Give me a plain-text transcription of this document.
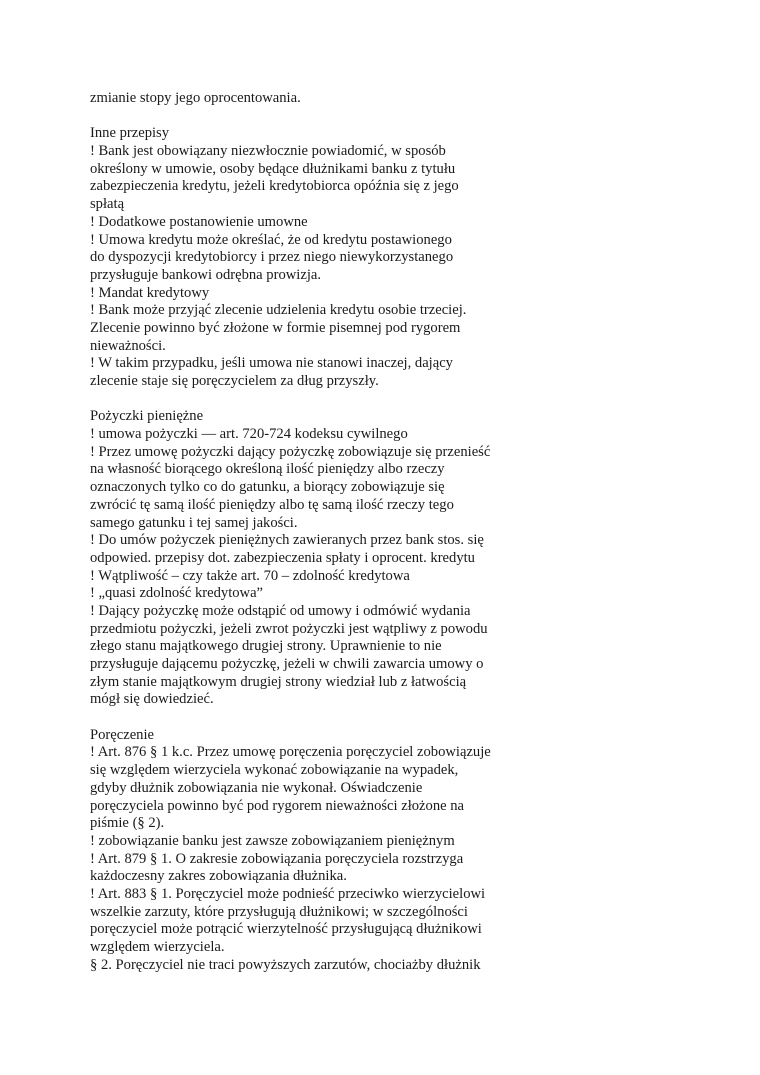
zmianie stopy jego oprocentowania.
Inne przepisy
! Bank jest obowiązany niezwłocznie powiadomić, w sposób
określony w umowie, osoby będące dłużnikami banku z tytułu
zabezpieczenia kredytu, jeżeli kredytobiorca opóźnia się z jego
spłatą
! Dodatkowe postanowienie umowne
! Umowa kredytu może określać, że od kredytu postawionego
do dyspozycji kredytobiorcy i przez niego niewykorzystanego
przysługuje bankowi odrębna prowizja.
! Mandat kredytowy
! Bank może przyjąć zlecenie udzielenia kredytu osobie trzeciej.
Zlecenie powinno być złożone w formie pisemnej pod rygorem
nieważności.
! W takim przypadku, jeśli umowa nie stanowi inaczej, dający
zlecenie staje się poręczycielem za dług przyszły.
Pożyczki pieniężne
! umowa pożyczki — art. 720-724 kodeksu cywilnego
! Przez umowę pożyczki dający pożyczkę zobowiązuje się przenieść
na własność biorącego określoną ilość pieniędzy albo rzeczy
oznaczonych tylko co do gatunku, a biorący zobowiązuje się
zwrócić tę samą ilość pieniędzy albo tę samą ilość rzeczy tego
samego gatunku i tej samej jakości.
! Do umów pożyczek pieniężnych zawieranych przez bank stos. się
odpowied. przepisy dot. zabezpieczenia spłaty i oprocent. kredytu
! Wątpliwość – czy także art. 70 – zdolność kredytowa
! „quasi zdolność kredytowa”
! Dający pożyczkę może odstąpić od umowy i odmówić wydania
przedmiotu pożyczki, jeżeli zwrot pożyczki jest wątpliwy z powodu
złego stanu majątkowego drugiej strony. Uprawnienie to nie
przysługuje dającemu pożyczkę, jeżeli w chwili zawarcia umowy o
złym stanie majątkowym drugiej strony wiedział lub z łatwością
mógł się dowiedzieć.
Poręczenie
! Art. 876 § 1 k.c. Przez umowę poręczenia poręczyciel zobowiązuje
się względem wierzyciela wykonać zobowiązanie na wypadek,
gdyby dłużnik zobowiązania nie wykonał. Oświadczenie
poręczyciela powinno być pod rygorem nieważności złożone na
piśmie (§ 2).
! zobowiązanie banku jest zawsze zobowiązaniem pieniężnym
! Art. 879 § 1. O zakresie zobowiązania poręczyciela rozstrzyga
każdoczesny zakres zobowiązania dłużnika.
! Art. 883 § 1. Poręczyciel może podnieść przeciwko wierzycielowi
wszelkie zarzuty, które przysługują dłużnikowi; w szczególności
poręczyciel może potrącić wierzytelność przysługującą dłużnikowi
względem wierzyciela.
§ 2. Poręczyciel nie traci powyższych zarzutów, chociażby dłużnik
